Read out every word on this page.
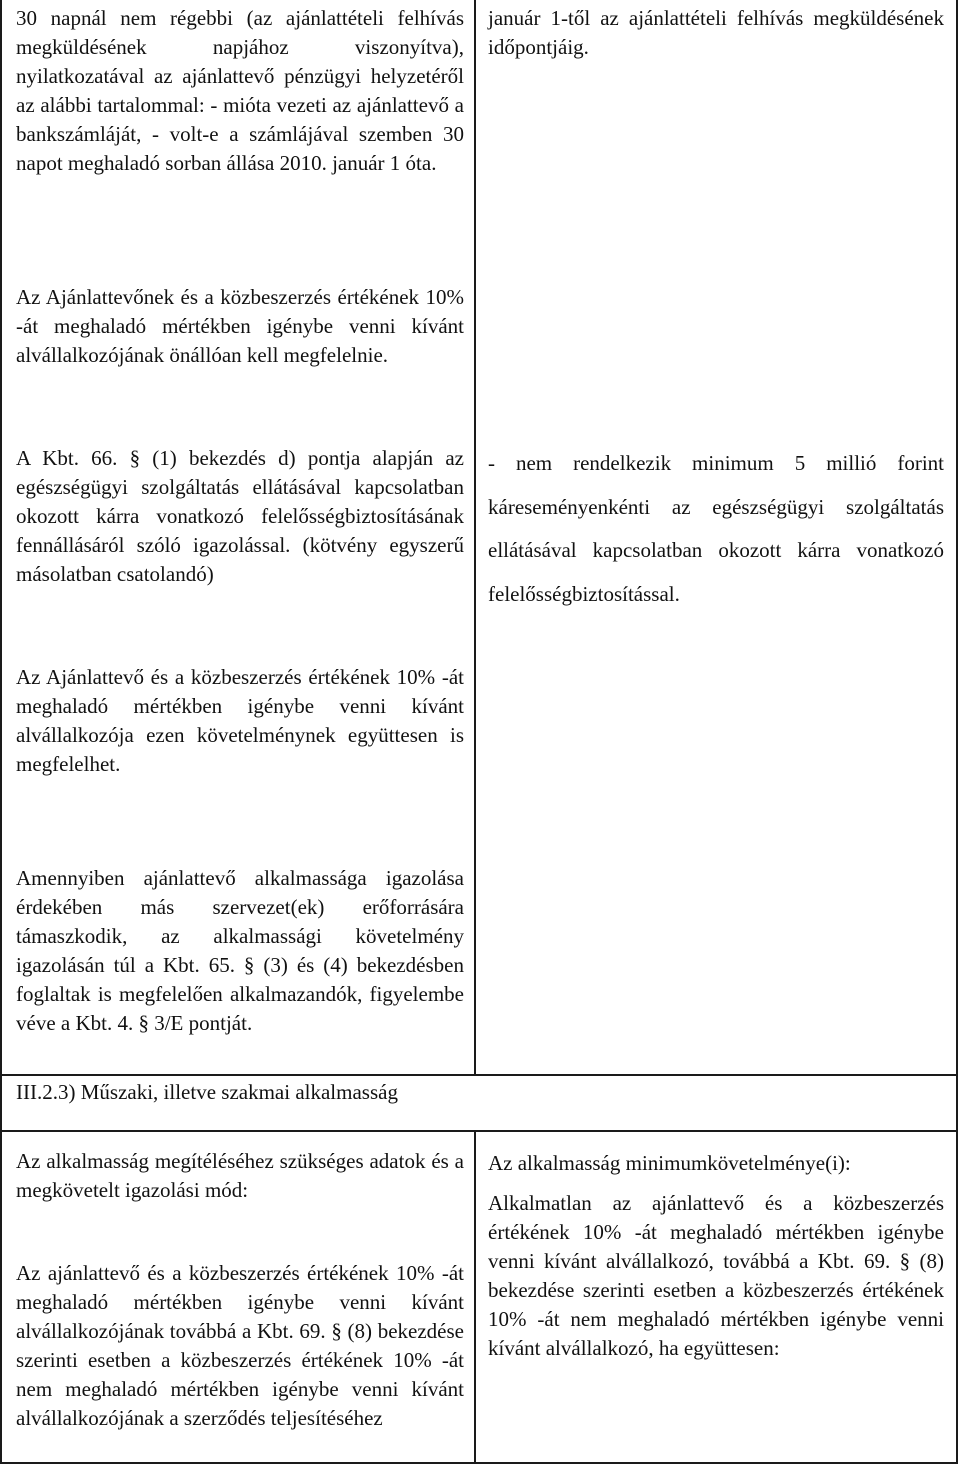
30 napnál nem régebbi (az ajánlattételi felhívás megküldésének napjához viszonyítva), nyilatkozatával az ajánlattevő pénzügyi helyzetéről az alábbi tartalommal: - mióta vezeti az ajánlattevő a bankszámláját, - volt-e a számlájával szemben 30 napot meghaladó sorban állása 2010. január 1 óta.

Az Ajánlattevőnek és a közbeszerzés értékének 10% -át meghaladó mértékben igénybe venni kívánt alvállalkozójának önállóan kell megfelelnie.

A Kbt. 66. § (1) bekezdés d) pontja alapján az egészségügyi szolgáltatás ellátásával kapcsolatban okozott kárra vonatkozó felelősségbiztosításának fennállásáról szóló igazolással. (kötvény egyszerű másolatban csatolandó)

Az Ajánlattevő és a közbeszerzés értékének 10% -át meghaladó mértékben igénybe venni kívánt alvállalkozója ezen követelménynek együttesen is megfelelhet.

Amennyiben ajánlattevő alkalmassága igazolása érdekében más szervezet(ek) erőforrására támaszkodik, az alkalmassági követelmény igazolásán túl a Kbt. 65. § (3) és (4) bekezdésben foglaltak is megfelelően alkalmazandók, figyelembe véve a Kbt. 4. § 3/E pontját.

III.2.3) Műszaki, illetve szakmai alkalmasság

Az alkalmasság megítéléséhez szükséges adatok és a megkövetelt igazolási mód:

Az ajánlattevő és a közbeszerzés értékének 10% -át meghaladó mértékben igénybe venni kívánt alvállalkozójának továbbá a Kbt. 69. § (8) bekezdése szerinti esetben a közbeszerzés értékének 10% -át nem meghaladó mértékben igénybe venni kívánt alvállalkozójának a szerződés teljesítéséhez

január 1-től az ajánlattételi felhívás megküldésének időpontjáig.

- nem rendelkezik minimum 5 millió forint káreseményenkénti az egészségügyi szolgáltatás ellátásával kapcsolatban okozott kárra vonatkozó felelősségbiztosítással.

Az alkalmasság minimumkövetelménye(i):

Alkalmatlan az ajánlattevő és a közbeszerzés értékének 10% -át meghaladó mértékben igénybe venni kívánt alvállalkozó, továbbá a Kbt. 69. § (8) bekezdése szerinti esetben a közbeszerzés értékének 10% -át nem meghaladó mértékben igénybe venni kívánt alvállalkozó, ha együttesen:
